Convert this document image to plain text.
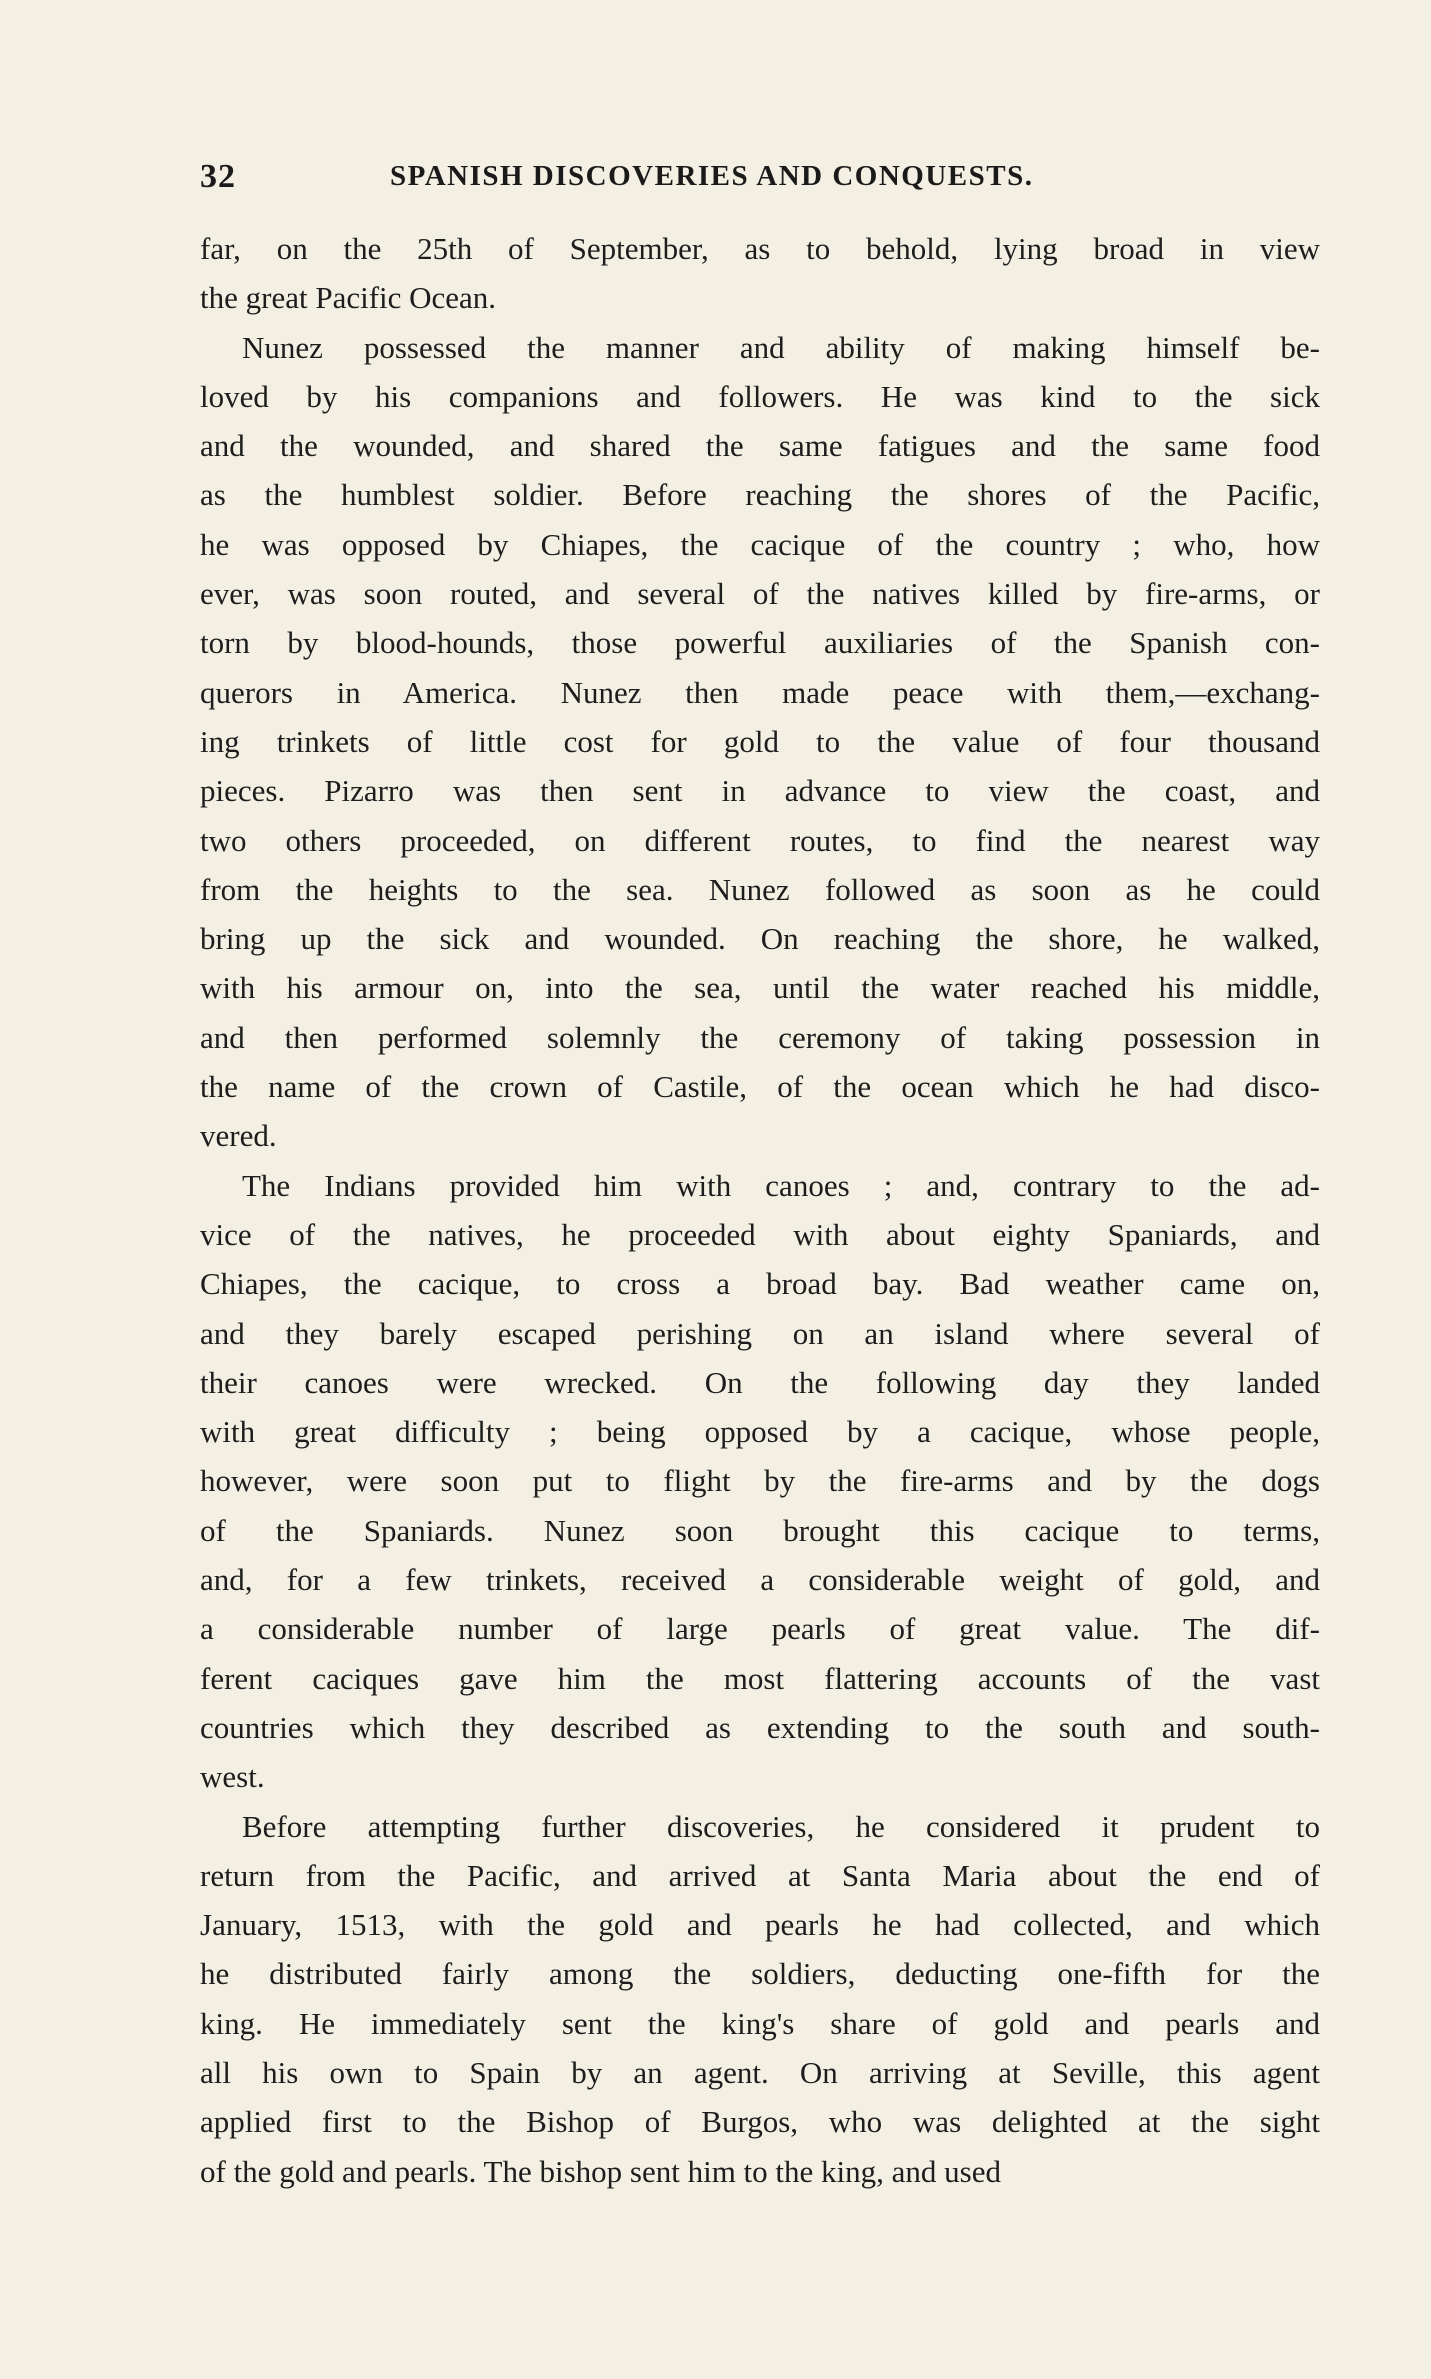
32	SPANISH DISCOVERIES AND CONQUESTS.
far, on the 25th of September, as to behold, lying broad in view
the great Pacific Ocean.
Nunez possessed the manner and ability of making himself be-
loved by his companions and followers. He was kind to the sick
and the wounded, and shared the same fatigues and the same food
as the humblest soldier. Before reaching the shores of the Pacific,
he was opposed by Chiapes, the cacique of the country ; who, how
ever, was soon routed, and several of the natives killed by fire-arms, or
torn by blood-hounds, those powerful auxiliaries of the Spanish con-
querors in America. Nunez then made peace with them,—exchang-
ing trinkets of little cost for gold to the value of four thousand
pieces. Pizarro was then sent in advance to view the coast, and
two others proceeded, on different routes, to find the nearest way
from the heights to the sea. Nunez followed as soon as he could
bring up the sick and wounded. On reaching the shore, he walked,
with his armour on, into the sea, until the water reached his middle,
and then performed solemnly the ceremony of taking possession in
the name of the crown of Castile, of the ocean which he had disco-
vered.
The Indians provided him with canoes ; and, contrary to the ad-
vice of the natives, he proceeded with about eighty Spaniards, and
Chiapes, the cacique, to cross a broad bay. Bad weather came on,
and they barely escaped perishing on an island where several of
their canoes were wrecked. On the following day they landed
with great difficulty ; being opposed by a cacique, whose people,
however, were soon put to flight by the fire-arms and by the dogs
of the Spaniards. Nunez soon brought this cacique to terms,
and, for a few trinkets, received a considerable weight of gold, and
a considerable number of large pearls of great value. The dif-
ferent caciques gave him the most flattering accounts of the vast
countries which they described as extending to the south and south-
west.
Before attempting further discoveries, he considered it prudent to
return from the Pacific, and arrived at Santa Maria about the end of
January, 1513, with the gold and pearls he had collected, and which
he distributed fairly among the soldiers, deducting one-fifth for the
king. He immediately sent the king's share of gold and pearls and
all his own to Spain by an agent. On arriving at Seville, this agent
applied first to the Bishop of Burgos, who was delighted at the sight
of the gold and pearls. The bishop sent him to the king, and used
